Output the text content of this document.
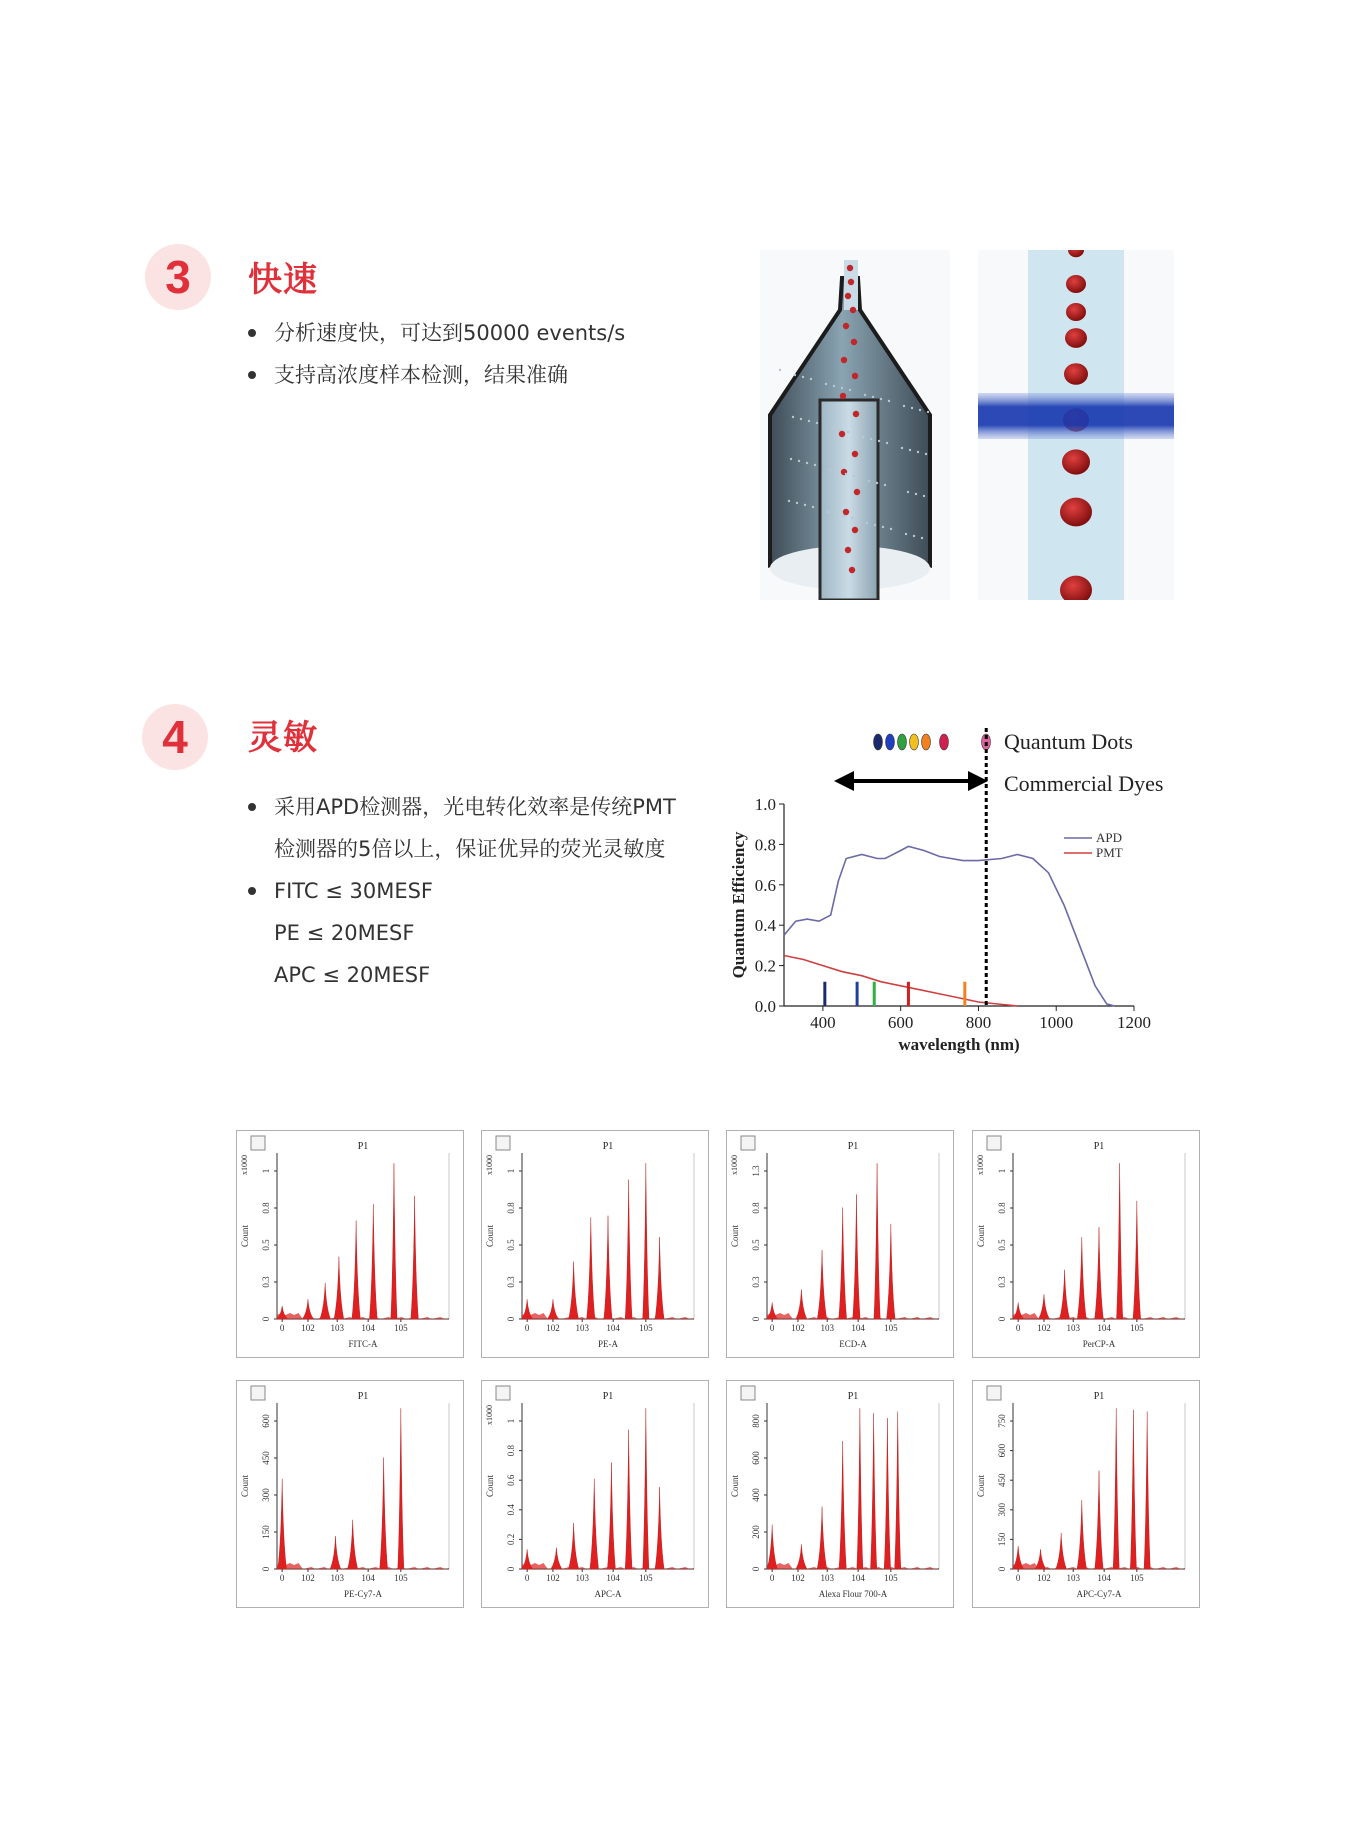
3	快速
分析速度快，可达到50000 events/s
支持高浓度样本检测，结果准确
4	灵敏
采用APD检测器，光电转化效率是传统PMT
检测器的5倍以上，保证优异的荧光灵敏度
FITC ≤ 30MESF
PE ≤ 20MESF
APC ≤ 20MESF
Quantum Dots
Commercial Dyes
0.0
0.2
0.4
0.6
0.8
1.0
400	600	800	1000	1200
wavelength (nm)
Quantum Efficiency	APD
PMT
P1
x1000
0
0.3
0.5
0.8
1
Count
0 102 103 104 105
FITC-A
P1
x1000
0
0.3
0.5
0.8
1
Count
0 102 103 104 105
PE-A
P1
x1000
0
0.3
0.5
0.8
1.3
Count
0 102 103 104 105
ECD-A
P1
x1000
0
0.3
0.5
0.8
1
Count
0 102 103 104 105
PerCP-A
P1
0
150
300
450
600
Count
0 102 103 104 105
PE-Cy7-A
P1
x1000
0
0.2
0.4
0.6
0.8
1
Count
0 102 103 104 105
APC-A
P1
0
200
400
600
800
Count
0 102 103 104 105
Alexa Flour 700-A
P1
0
150
300
450
600
750
Count
0 102 103 104 105
APC-Cy7-A
